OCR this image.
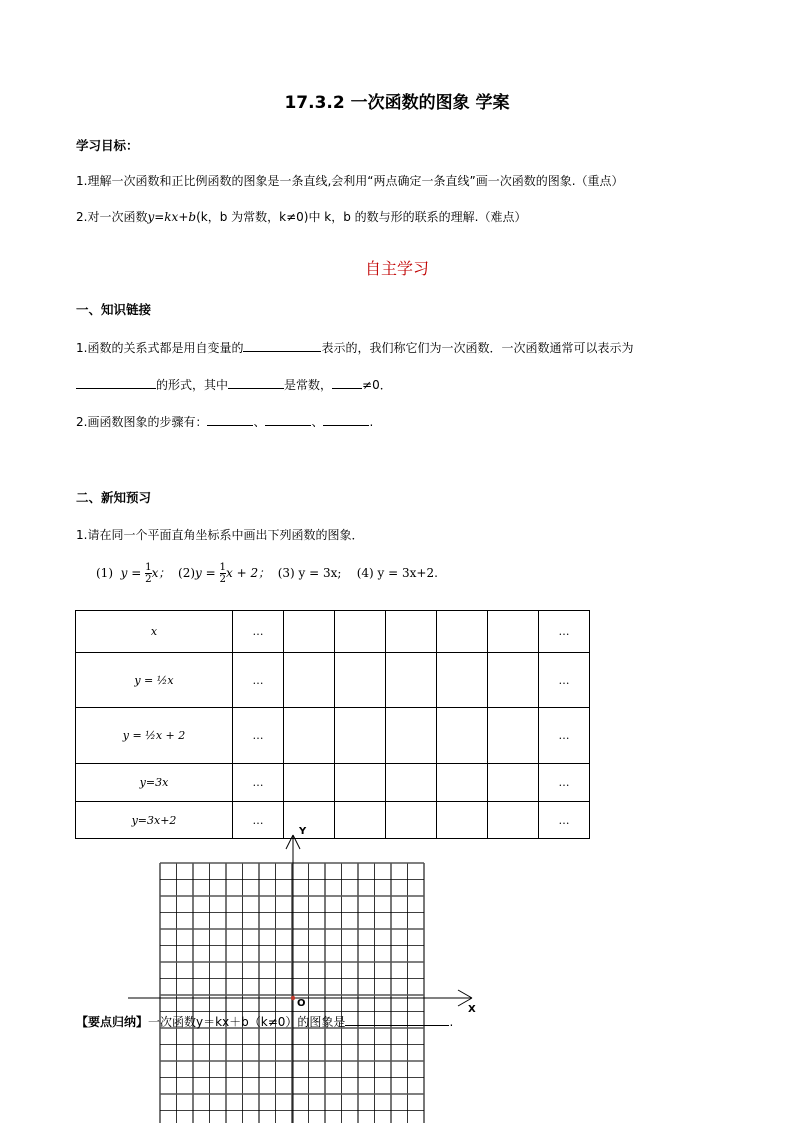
17.3.2 一次函数的图象 学案
学习目标：
1.理解一次函数和正比例函数的图象是一条直线,会利用“两点确定一条直线”画一次函数的图象.（重点）
2.对一次函数y=kx+b(k，b 为常数，k≠0)中 k，b 的数与形的联系的理解.（难点）
自主学习
一、知识链接
1.函数的关系式都是用自变量的	表示的，我们称它们为一次函数．一次函数通常可以表示为
的形式，其中	是常数，	≠0．
2.画函数图象的步骤有：	、	、	.
二、新知预习
1.请在同一个平面直角坐标系中画出下列函数的图象．
(1) $y = \frac{1}{2}$ x； $(2)y = \frac{1}{2}$ x + 2； (3) y = 3x; (4) y = 3x+2.
x	…						…
y = ½x	…						…
y = ½x + 2	…						…
y=3x	…						…
y=3x+2	…						…
Y
X
O
【要点归纳】一次函数y＝kx＋b（k≠0）的图象是	.
